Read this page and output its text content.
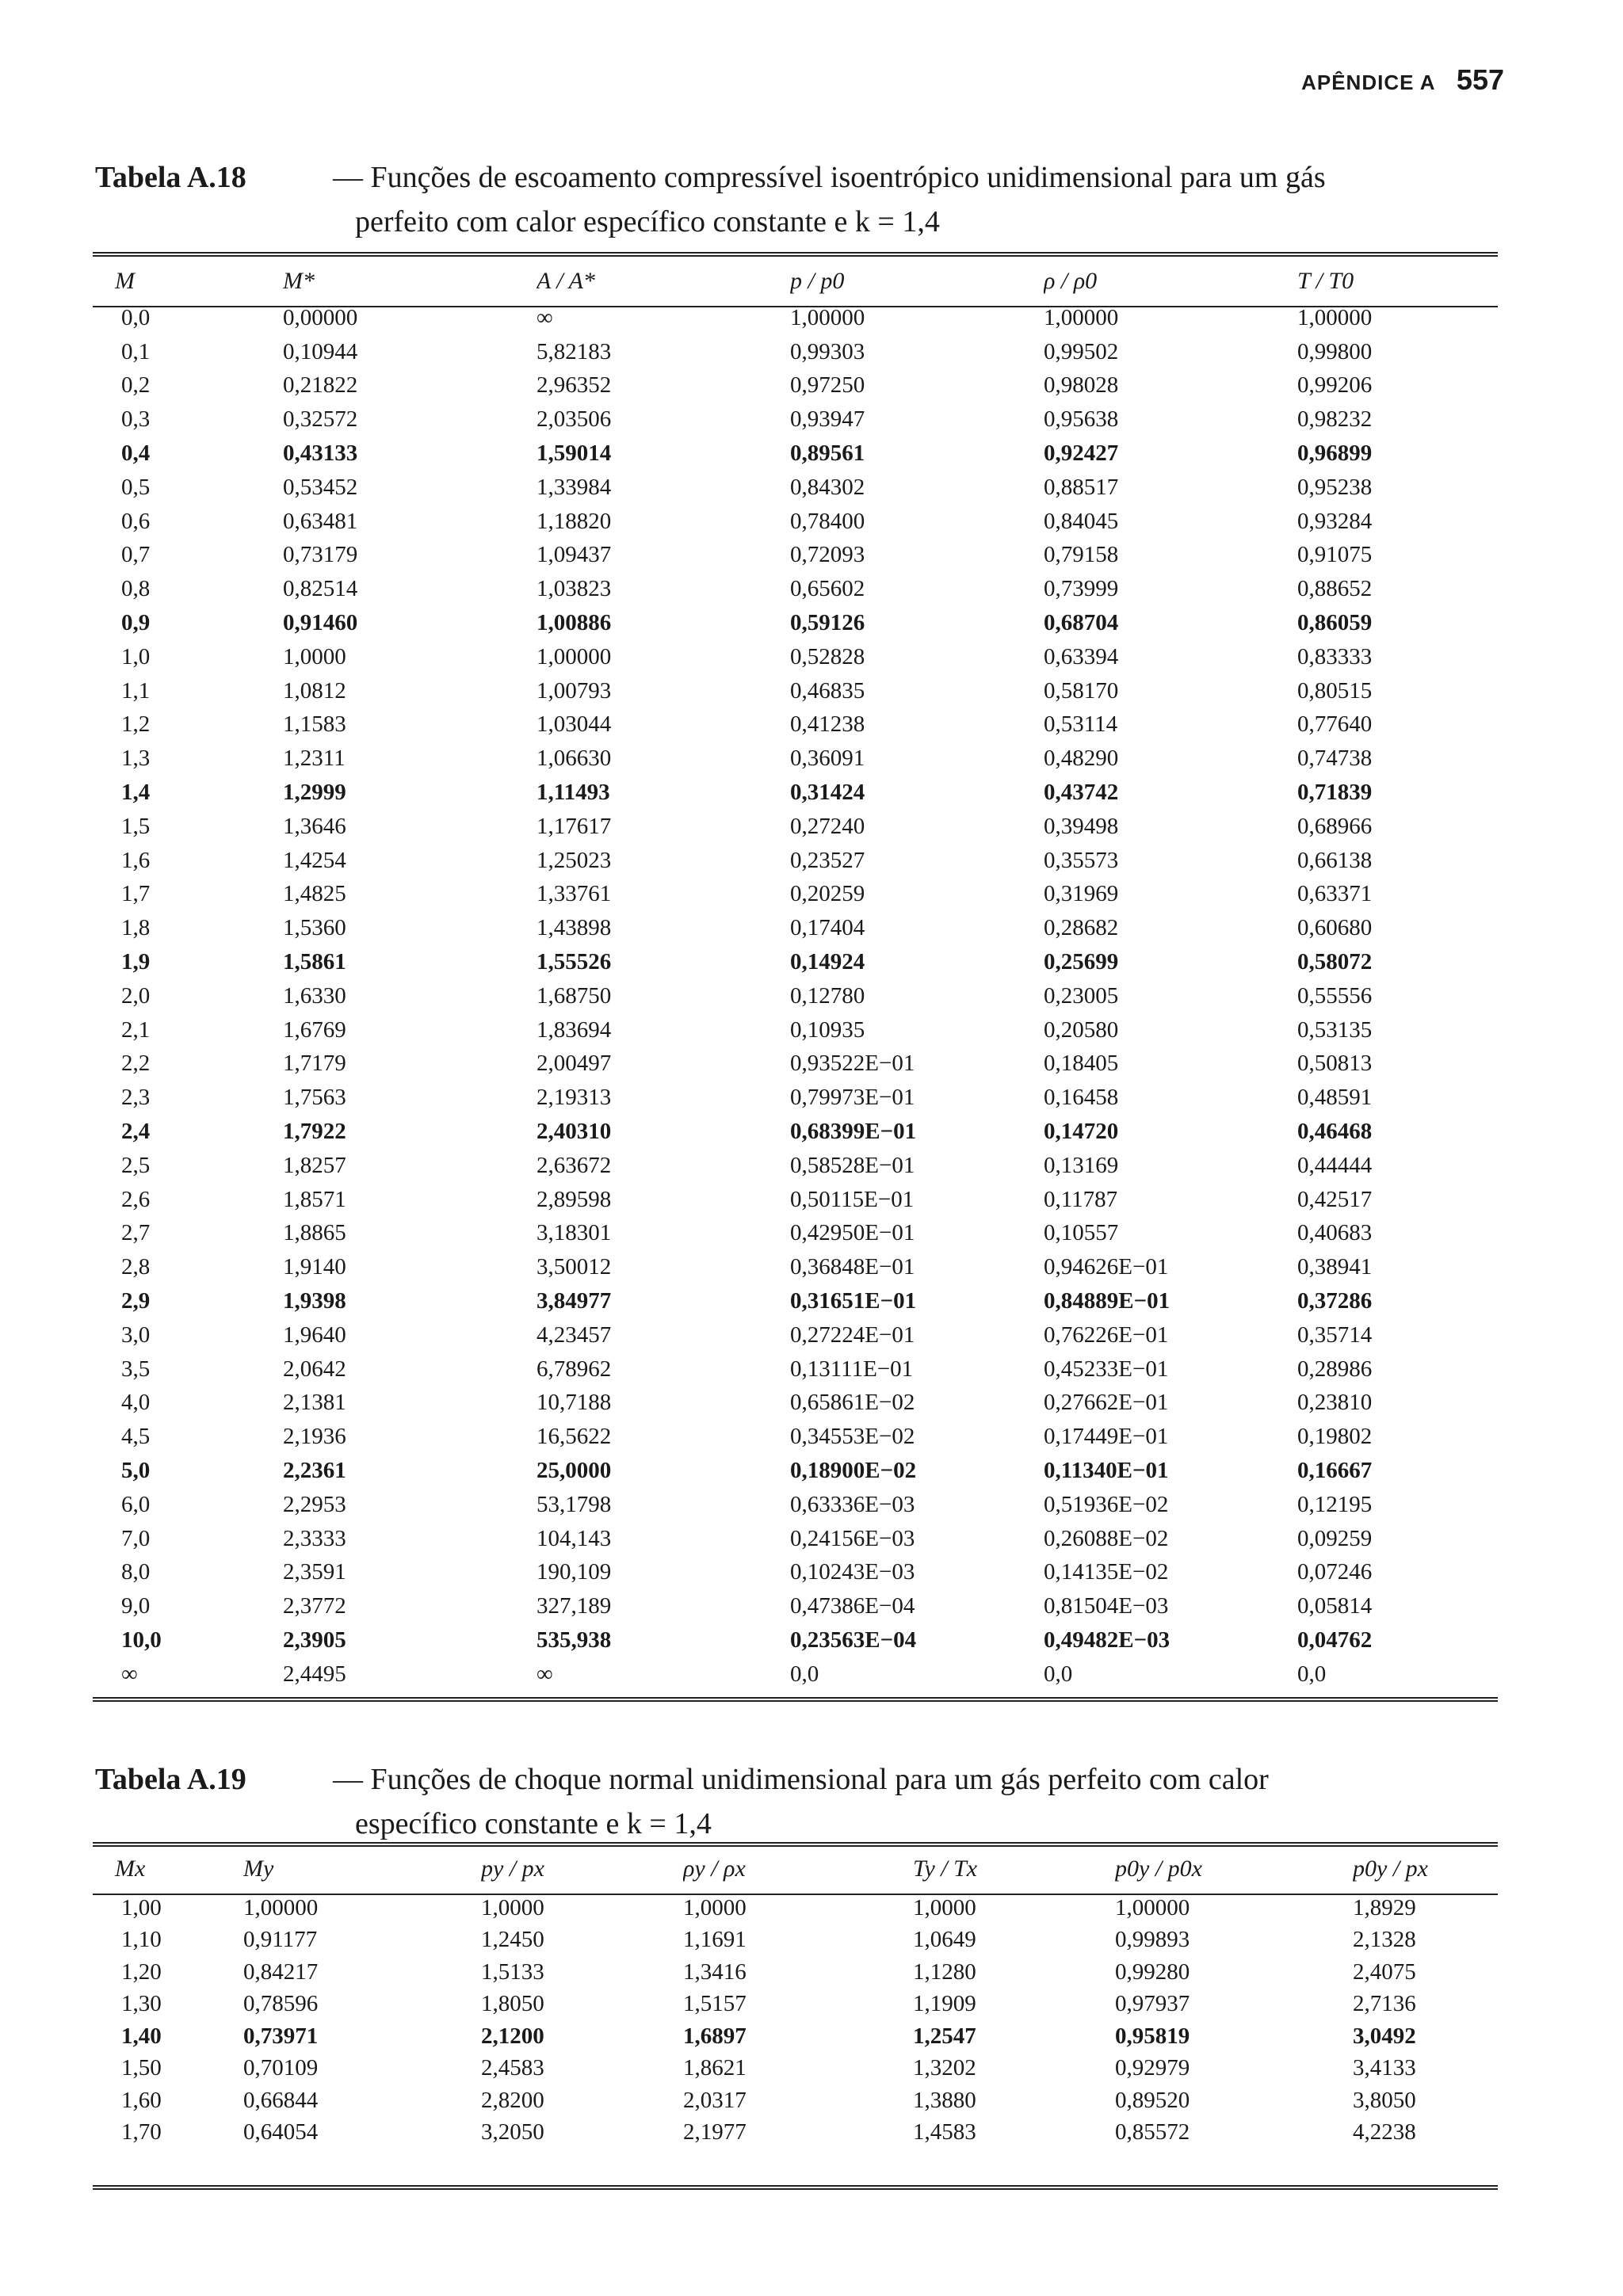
APÊNDICE A 557
Tabela A.18	— Funções de escoamento compressível isoentrópico unidimensional para um gás
perfeito com calor específico constante e k = 1,4
M	M*	A / A*	p / p0	ρ / ρ0	T / T0
0,0	0,00000	∞	1,00000	1,00000	1,00000
0,1	0,10944	5,82183	0,99303	0,99502	0,99800
0,2	0,21822	2,96352	0,97250	0,98028	0,99206
0,3	0,32572	2,03506	0,93947	0,95638	0,98232
0,4	0,43133	1,59014	0,89561	0,92427	0,96899
0,5	0,53452	1,33984	0,84302	0,88517	0,95238
0,6	0,63481	1,18820	0,78400	0,84045	0,93284
0,7	0,73179	1,09437	0,72093	0,79158	0,91075
0,8	0,82514	1,03823	0,65602	0,73999	0,88652
0,9	0,91460	1,00886	0,59126	0,68704	0,86059
1,0	1,0000	1,00000	0,52828	0,63394	0,83333
1,1	1,0812	1,00793	0,46835	0,58170	0,80515
1,2	1,1583	1,03044	0,41238	0,53114	0,77640
1,3	1,2311	1,06630	0,36091	0,48290	0,74738
1,4	1,2999	1,11493	0,31424	0,43742	0,71839
1,5	1,3646	1,17617	0,27240	0,39498	0,68966
1,6	1,4254	1,25023	0,23527	0,35573	0,66138
1,7	1,4825	1,33761	0,20259	0,31969	0,63371
1,8	1,5360	1,43898	0,17404	0,28682	0,60680
1,9	1,5861	1,55526	0,14924	0,25699	0,58072
2,0	1,6330	1,68750	0,12780	0,23005	0,55556
2,1	1,6769	1,83694	0,10935	0,20580	0,53135
2,2	1,7179	2,00497	0,93522E−01	0,18405	0,50813
2,3	1,7563	2,19313	0,79973E−01	0,16458	0,48591
2,4	1,7922	2,40310	0,68399E−01	0,14720	0,46468
2,5	1,8257	2,63672	0,58528E−01	0,13169	0,44444
2,6	1,8571	2,89598	0,50115E−01	0,11787	0,42517
2,7	1,8865	3,18301	0,42950E−01	0,10557	0,40683
2,8	1,9140	3,50012	0,36848E−01	0,94626E−01	0,38941
2,9	1,9398	3,84977	0,31651E−01	0,84889E−01	0,37286
3,0	1,9640	4,23457	0,27224E−01	0,76226E−01	0,35714
3,5	2,0642	6,78962	0,13111E−01	0,45233E−01	0,28986
4,0	2,1381	10,7188	0,65861E−02	0,27662E−01	0,23810
4,5	2,1936	16,5622	0,34553E−02	0,17449E−01	0,19802
5,0	2,2361	25,0000	0,18900E−02	0,11340E−01	0,16667
6,0	2,2953	53,1798	0,63336E−03	0,51936E−02	0,12195
7,0	2,3333	104,143	0,24156E−03	0,26088E−02	0,09259
8,0	2,3591	190,109	0,10243E−03	0,14135E−02	0,07246
9,0	2,3772	327,189	0,47386E−04	0,81504E−03	0,05814
10,0	2,3905	535,938	0,23563E−04	0,49482E−03	0,04762
∞	2,4495	∞	0,0	0,0	0,0
Tabela A.19	— Funções de choque normal unidimensional para um gás perfeito com calor
específico constante e k = 1,4
Mx	My	py / px	ρy / ρx	Ty / Tx	p0y / p0x	p0y / px
1,00	1,00000	1,0000	1,0000	1,0000	1,00000	1,8929
1,10	0,91177	1,2450	1,1691	1,0649	0,99893	2,1328
1,20	0,84217	1,5133	1,3416	1,1280	0,99280	2,4075
1,30	0,78596	1,8050	1,5157	1,1909	0,97937	2,7136
1,40	0,73971	2,1200	1,6897	1,2547	0,95819	3,0492
1,50	0,70109	2,4583	1,8621	1,3202	0,92979	3,4133
1,60	0,66844	2,8200	2,0317	1,3880	0,89520	3,8050
1,70	0,64054	3,2050	2,1977	1,4583	0,85572	4,2238
